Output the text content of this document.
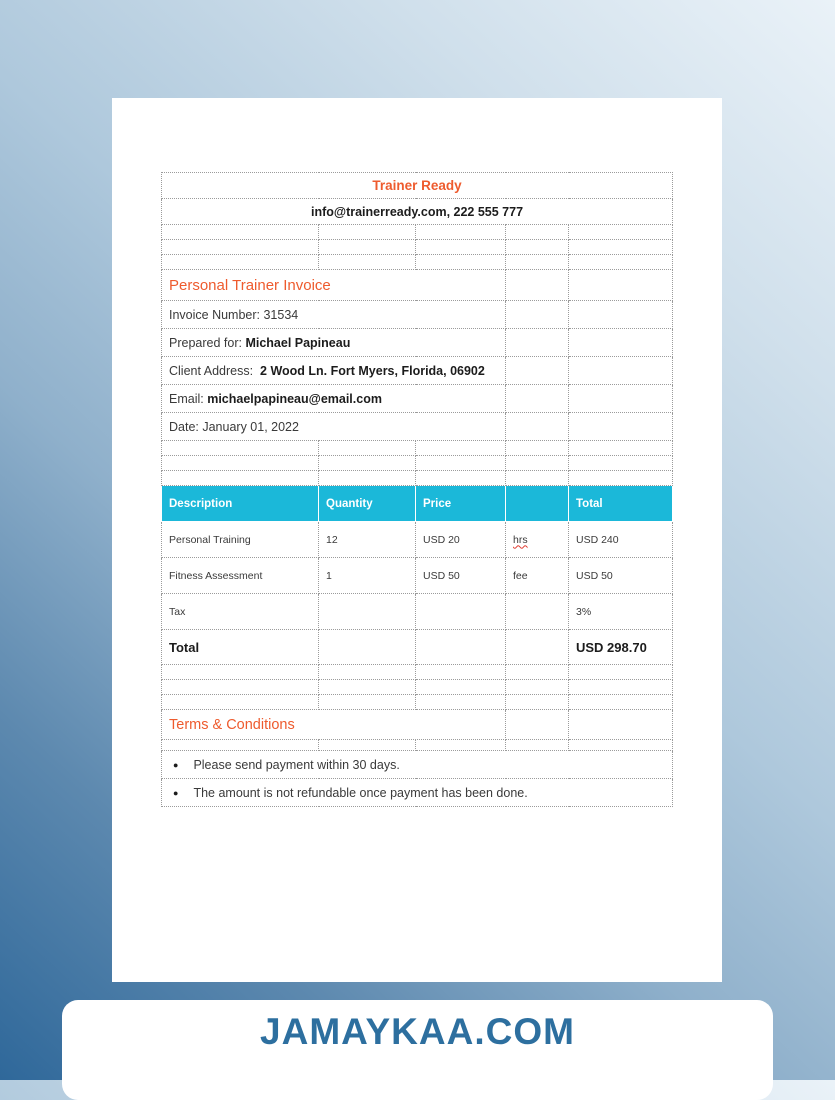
Trainer Ready				
info@trainerready.com, 222 555 777				

Personal Trainer Invoice				
Invoice Number: 31534				
Prepared for: Michael Papineau				
Client Address:  2 Wood Ln. Fort Myers, Florida, 06902				
Email: michaelpapineau@email.com				
Date: January 01, 2022				

Description	Quantity	Price		Total
Personal Training	12	USD 20	hrs	USD 240
Fitness Assessment	1	USD 50	fee	USD 50
Tax				3%
Total				USD 298.70

Terms & Conditions				

● Please send payment within 30 days.				
● The amount is not refundable once payment has been done.				
JAMAYKAA.COM
